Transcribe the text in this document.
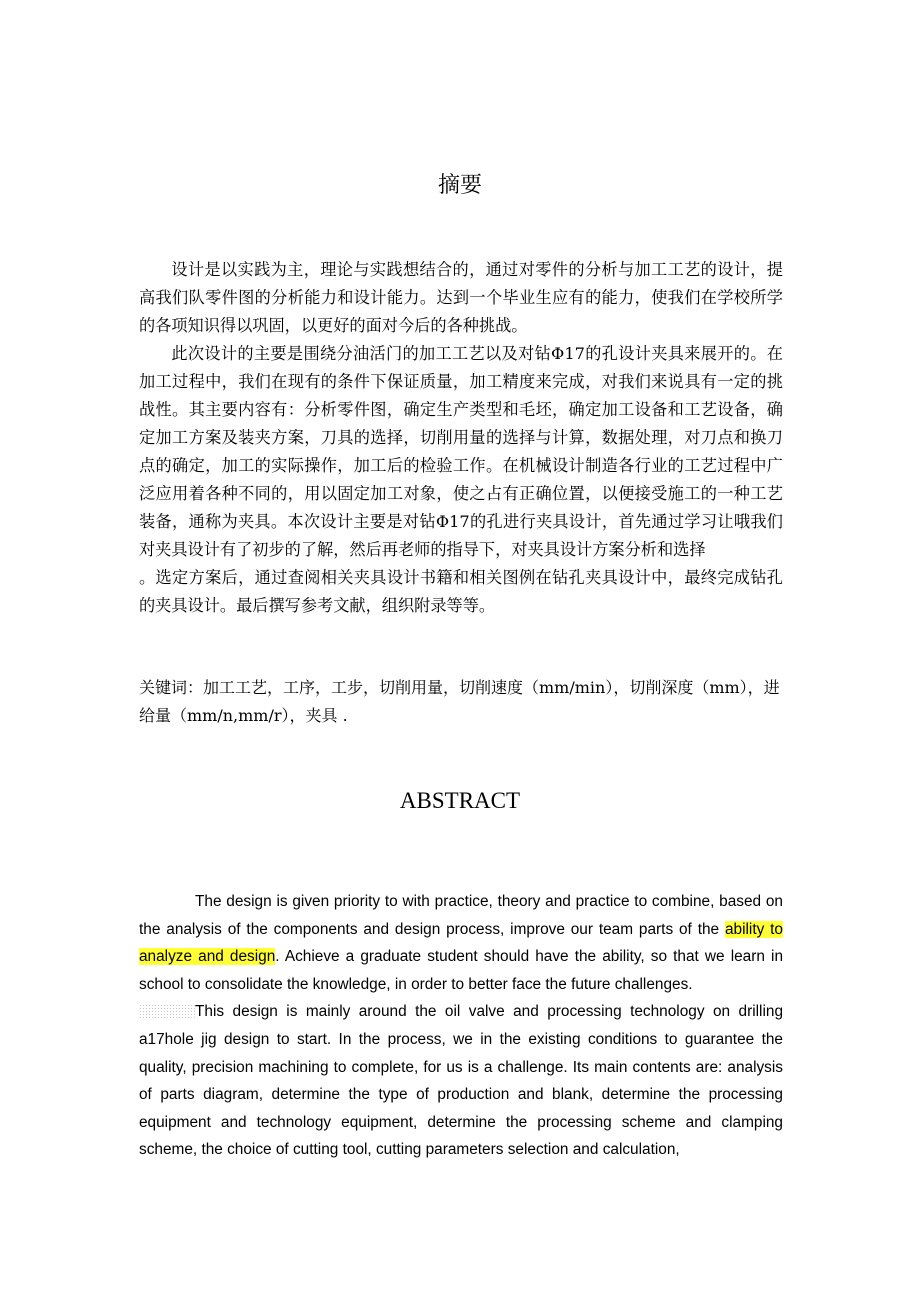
摘要

设计是以实践为主，理论与实践想结合的，通过对零件的分析与加工工艺的设计，提高我们队零件图的分析能力和设计能力。达到一个毕业生应有的能力，使我们在学校所学的各项知识得以巩固，以更好的面对今后的各种挑战。

此次设计的主要是围绕分油活门的加工工艺以及对钻Φ17的孔设计夹具来展开的。在加工过程中，我们在现有的条件下保证质量，加工精度来完成，对我们来说具有一定的挑战性。其主要内容有：分析零件图，确定生产类型和毛坯，确定加工设备和工艺设备，确定加工方案及装夹方案，刀具的选择，切削用量的选择与计算，数据处理，对刀点和换刀点的确定，加工的实际操作，加工后的检验工作。在机械设计制造各行业的工艺过程中广泛应用着各种不同的，用以固定加工对象，使之占有正确位置，以便接受施工的一种工艺装备，通称为夹具。本次设计主要是对钻Φ17的孔进行夹具设计，首先通过学习让哦我们对夹具设计有了初步的了解，然后再老师的指导下，对夹具设计方案分析和选择

。选定方案后，通过查阅相关夹具设计书籍和相关图例在钻孔夹具设计中，最终完成钻孔的夹具设计。最后撰写参考文献，组织附录等等。

关键词：加工工艺，工序，工步，切削用量，切削速度（mm/min），切削深度（mm），进给量（mm/n,mm/r），夹具 .
ABSTRACT

The design is given priority to with practice, theory and practice to combine, based on the analysis of the components and design process, improve our team parts of the ability to analyze and design. Achieve a graduate student should have the ability, so that we learn in school to consolidate the knowledge, in order to better face the future challenges.

This design is mainly around the oil valve and processing technology on drilling a17hole jig design to start. In the process, we in the existing conditions to guarantee the quality, precision machining to complete, for us is a challenge. Its main contents are: analysis of parts diagram, determine the type of production and blank, determine the processing equipment and technology equipment, determine the processing scheme and clamping scheme, the choice of cutting tool, cutting parameters selection and calculation,
